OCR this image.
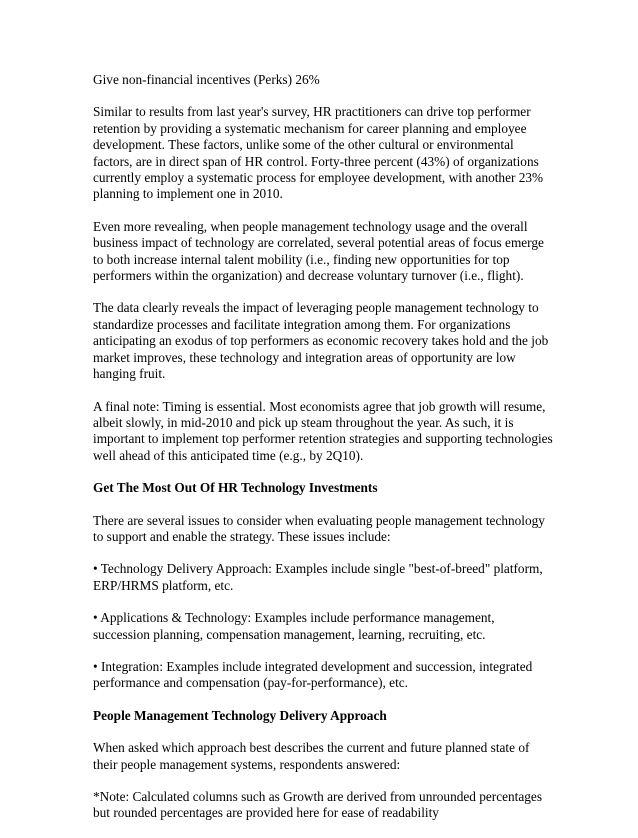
Give non-financial incentives (Perks) 26%

Similar to results from last year's survey, HR practitioners can drive top performer retention by providing a systematic mechanism for career planning and employee development. These factors, unlike some of the other cultural or environmental factors, are in direct span of HR control. Forty-three percent (43%) of organizations currently employ a systematic process for employee development, with another 23% planning to implement one in 2010.

Even more revealing, when people management technology usage and the overall business impact of technology are correlated, several potential areas of focus emerge to both increase internal talent mobility (i.e., finding new opportunities for top performers within the organization) and decrease voluntary turnover (i.e., flight).

The data clearly reveals the impact of leveraging people management technology to standardize processes and facilitate integration among them. For organizations anticipating an exodus of top performers as economic recovery takes hold and the job market improves, these technology and integration areas of opportunity are low hanging fruit.

A final note: Timing is essential. Most economists agree that job growth will resume, albeit slowly, in mid-2010 and pick up steam throughout the year. As such, it is important to implement top performer retention strategies and supporting technologies well ahead of this anticipated time (e.g., by 2Q10).

Get The Most Out Of HR Technology Investments

There are several issues to consider when evaluating people management technology to support and enable the strategy. These issues include:

• Technology Delivery Approach: Examples include single "best-of-breed" platform, ERP/HRMS platform, etc.

• Applications & Technology: Examples include performance management, succession planning, compensation management, learning, recruiting, etc.

• Integration: Examples include integrated development and succession, integrated performance and compensation (pay-for-performance), etc.

People Management Technology Delivery Approach

When asked which approach best describes the current and future planned state of their people management systems, respondents answered:

*Note: Calculated columns such as Growth are derived from unrounded percentages but rounded percentages are provided here for ease of readability
